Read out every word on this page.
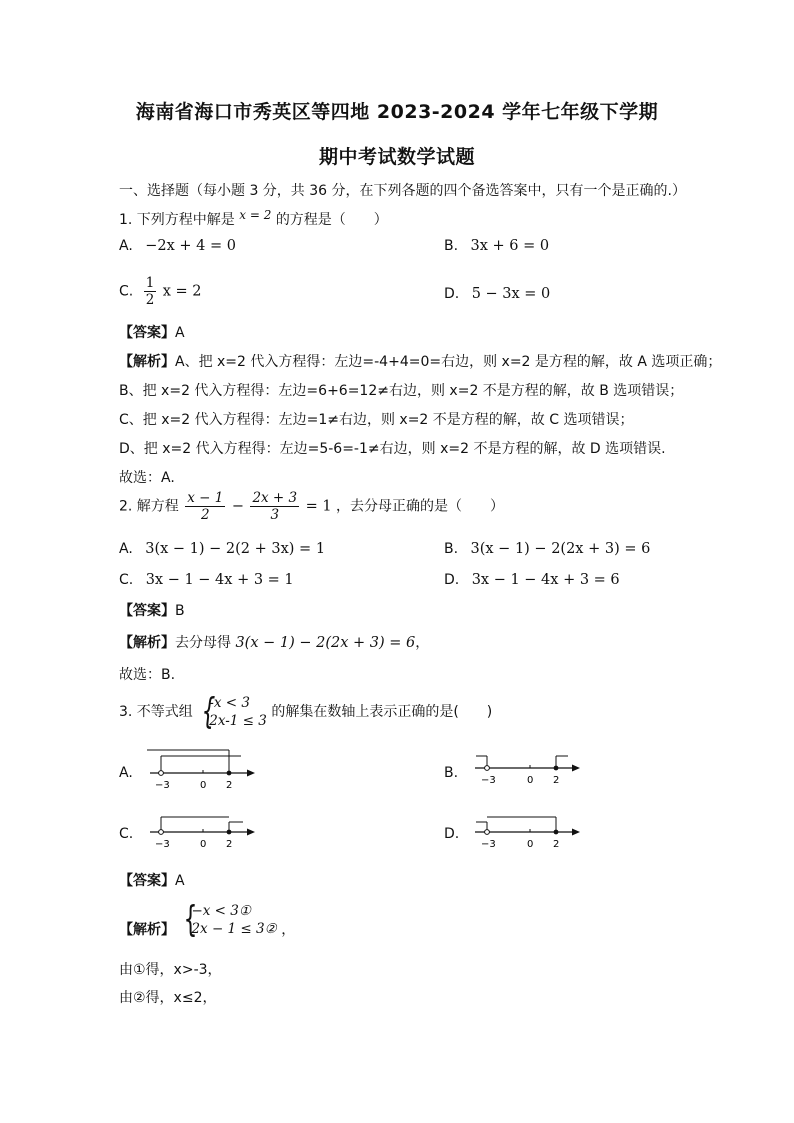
海南省海口市秀英区等四地 2023-2024 学年七年级下学期
期中考试数学试题
一、选择题（每小题 3 分，共 36 分，在下列各题的四个备选答案中，只有一个是正确的.）
1. 下列方程中解是 x = 2 的方程是（　　）
A. −2x + 4 = 0	B. 3x + 6 = 0
C. $\frac{1}{2}$ x = 2	D. 5 − 3x = 0
【答案】A
【解析】A、把 x=2 代入方程得：左边=-4+4=0=右边，则 x=2 是方程的解，故 A 选项正确；
B、把 x=2 代入方程得：左边=6+6=12≠右边，则 x=2 不是方程的解，故 B 选项错误；
C、把 x=2 代入方程得：左边=1≠右边，则 x=2 不是方程的解，故 C 选项错误；
D、把 x=2 代入方程得：左边=5-6=-1≠右边，则 x=2 不是方程的解，故 D 选项错误.
故选：A.
2. 解方程 $\frac{x - 1}{2} - \frac{2x + 3}{3} = 1$ ，去分母正确的是（　　）
A. 3(x − 1) − 2(2 + 3x) = 1	B. 3(x − 1) − 2(2x + 3) = 6
C. 3x − 1 − 4x + 3 = 1	D. 3x − 1 − 4x + 3 = 6
【答案】B
【解析】去分母得 3(x − 1) − 2(2x + 3) = 6，
故选：B.
3. 不等式组 {
-x < 3
2x-1 ≤ 3
的解集在数轴上表示正确的是(　　)
A.
−3	0 2
B. −3	0 2
C.
−3	0 2
D.
−3	0 2
【答案】A
【解析】 {
−x < 3①
2x − 1 ≤ 3② ，
由①得，x>-3，
由②得，x≤2，
